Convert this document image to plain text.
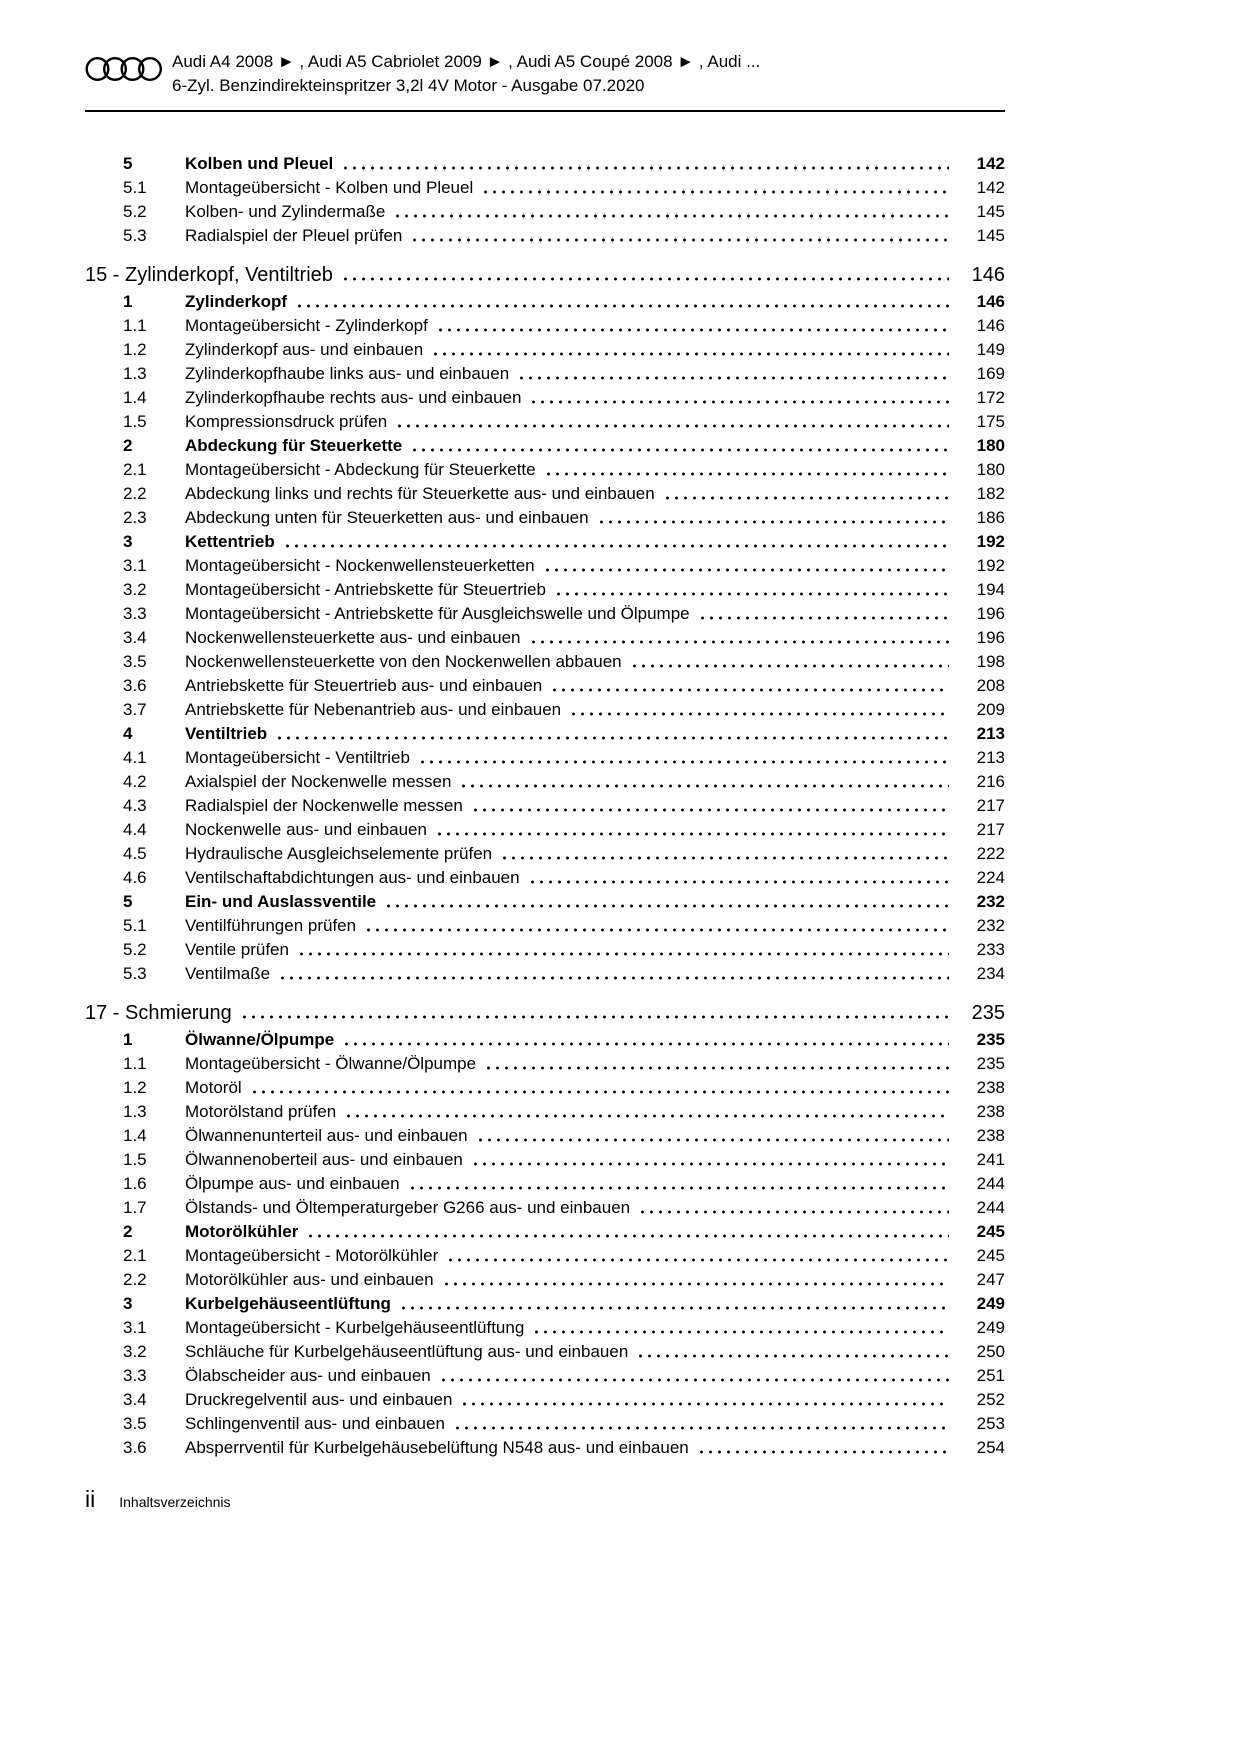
Audi A4 2008 ► , Audi A5 Cabriolet 2009 ► , Audi A5 Coupé 2008 ► , Audi ...
6-Zyl. Benzindirekteinspritzer 3,2l 4V Motor - Ausgabe 07.2020
5	Kolben und Pleuel	142
5.1	Montageübersicht - Kolben und Pleuel	142
5.2	Kolben- und Zylindermaße	145
5.3	Radialspiel der Pleuel prüfen	145
15 - Zylinderkopf, Ventiltrieb	146
1	Zylinderkopf	146
1.1	Montageübersicht - Zylinderkopf	146
1.2	Zylinderkopf aus- und einbauen	149
1.3	Zylinderkopfhaube links aus- und einbauen	169
1.4	Zylinderkopfhaube rechts aus- und einbauen	172
1.5	Kompressionsdruck prüfen	175
2	Abdeckung für Steuerkette	180
2.1	Montageübersicht - Abdeckung für Steuerkette	180
2.2	Abdeckung links und rechts für Steuerkette aus- und einbauen	182
2.3	Abdeckung unten für Steuerketten aus- und einbauen	186
3	Kettentrieb	192
3.1	Montageübersicht - Nockenwellensteuerketten	192
3.2	Montageübersicht - Antriebskette für Steuertrieb	194
3.3	Montageübersicht - Antriebskette für Ausgleichswelle und Ölpumpe	196
3.4	Nockenwellensteuerkette aus- und einbauen	196
3.5	Nockenwellensteuerkette von den Nockenwellen abbauen	198
3.6	Antriebskette für Steuertrieb aus- und einbauen	208
3.7	Antriebskette für Nebenantrieb aus- und einbauen	209
4	Ventiltrieb	213
4.1	Montageübersicht - Ventiltrieb	213
4.2	Axialspiel der Nockenwelle messen	216
4.3	Radialspiel der Nockenwelle messen	217
4.4	Nockenwelle aus- und einbauen	217
4.5	Hydraulische Ausgleichselemente prüfen	222
4.6	Ventilschaftabdichtungen aus- und einbauen	224
5	Ein- und Auslassventile	232
5.1	Ventilführungen prüfen	232
5.2	Ventile prüfen	233
5.3	Ventilmaße	234
17 - Schmierung	235
1	Ölwanne/Ölpumpe	235
1.1	Montageübersicht - Ölwanne/Ölpumpe	235
1.2	Motoröl	238
1.3	Motorölstand prüfen	238
1.4	Ölwannenunterteil aus- und einbauen	238
1.5	Ölwannenoberteil aus- und einbauen	241
1.6	Ölpumpe aus- und einbauen	244
1.7	Ölstands- und Öltemperaturgeber G266 aus- und einbauen	244
2	Motorölkühler	245
2.1	Montageübersicht - Motorölkühler	245
2.2	Motorölkühler aus- und einbauen	247
3	Kurbelgehäuseentlüftung	249
3.1	Montageübersicht - Kurbelgehäuseentlüftung	249
3.2	Schläuche für Kurbelgehäuseentlüftung aus- und einbauen	250
3.3	Ölabscheider aus- und einbauen	251
3.4	Druckregelventil aus- und einbauen	252
3.5	Schlingenventil aus- und einbauen	253
3.6	Absperrventil für Kurbelgehäusebelüftung N548 aus- und einbauen	254
ii Inhaltsverzeichnis
